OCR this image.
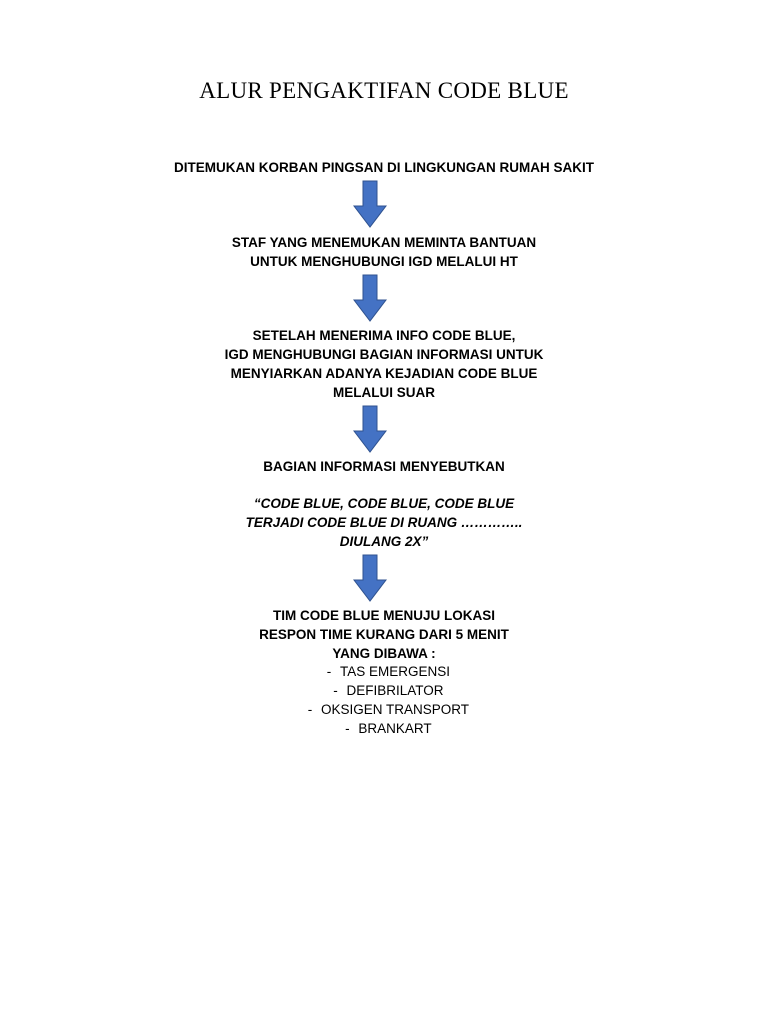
ALUR PENGAKTIFAN CODE BLUE
DITEMUKAN KORBAN PINGSAN DI LINGKUNGAN RUMAH SAKIT
STAF YANG MENEMUKAN MEMINTA BANTUAN
UNTUK MENGHUBUNGI IGD MELALUI HT
SETELAH MENERIMA INFO CODE BLUE,
IGD MENGHUBUNGI BAGIAN INFORMASI UNTUK
MENYIARKAN ADANYA KEJADIAN CODE BLUE
MELALUI SUAR
BAGIAN INFORMASI MENYEBUTKAN
“CODE BLUE, CODE BLUE, CODE BLUE
TERJADI CODE BLUE DI RUANG …………..
DIULANG 2X”
TIM CODE BLUE MENUJU LOKASI
RESPON TIME KURANG DARI 5 MENIT
YANG DIBAWA :
- TAS EMERGENSI
- DEFIBRILATOR
- OKSIGEN TRANSPORT
- BRANKART
